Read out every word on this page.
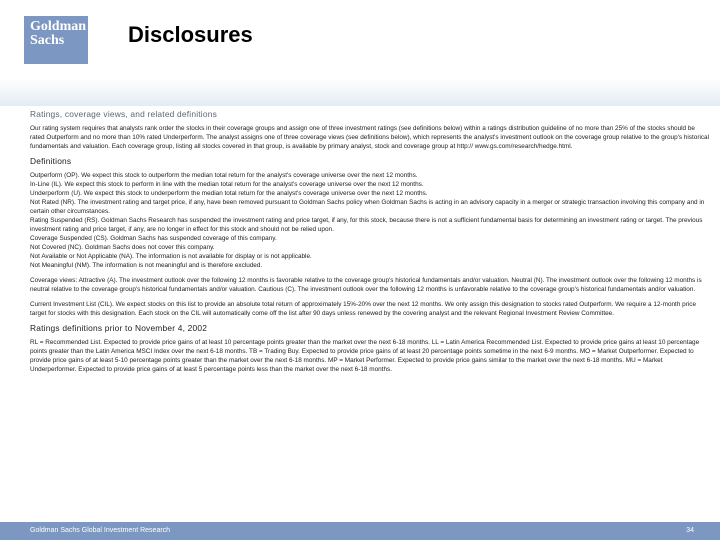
Goldman
Sachs	Disclosures
Ratings, coverage views, and related definitions

Our rating system requires that analysts rank order the stocks in their coverage groups and assign one of three investment ratings (see definitions below) within a ratings distribution guideline of no more than 25% of the stocks should be rated Outperform and no more than 10% rated Underperform. The analyst assigns one of three coverage views (see definitions below), which represents the analyst's investment outlook on the coverage group relative to the group's historical fundamentals and valuation. Each coverage group, listing all stocks covered in that group, is available by primary analyst, stock and coverage group at http:// www.gs.com/research/hedge.html.

Definitions
Outperform (OP). We expect this stock to outperform the median total return for the analyst's coverage universe over the next 12 months.
In-Line (IL). We expect this stock to perform in line with the median total return for the analyst's coverage universe over the next 12 months.
Underperform (U). We expect this stock to underperform the median total return for the analyst's coverage universe over the next 12 months.
Not Rated (NR). The investment rating and target price, if any, have been removed pursuant to Goldman Sachs policy when Goldman Sachs is acting in an advisory capacity in a merger or strategic transaction involving this company and in certain other circumstances.
Rating Suspended (RS). Goldman Sachs Research has suspended the investment rating and price target, if any, for this stock, because there is not a sufficient fundamental basis for determining an investment rating or target. The previous investment rating and price target, if any, are no longer in effect for this stock and should not be relied upon.
Coverage Suspended (CS). Goldman Sachs has suspended coverage of this company.
Not Covered (NC). Goldman Sachs does not cover this company.
Not Available or Not Applicable (NA). The information is not available for display or is not applicable.
Not Meaningful (NM). The information is not meaningful and is therefore excluded.

Coverage views: Attractive (A). The investment outlook over the following 12 months is favorable relative to the coverage group's historical fundamentals and/or valuation. Neutral (N). The investment outlook over the following 12 months is neutral relative to the coverage group's historical fundamentals and/or valuation. Cautious (C). The investment outlook over the following 12 months is unfavorable relative to the coverage group's historical fundamentals and/or valuation.

Current Investment List (CIL). We expect stocks on this list to provide an absolute total return of approximately 15%-20% over the next 12 months. We only assign this designation to stocks rated Outperform. We require a 12-month price target for stocks with this designation. Each stock on the CIL will automatically come off the list after 90 days unless renewed by the covering analyst and the relevant Regional Investment Review Committee.

Ratings definitions prior to November 4, 2002

RL = Recommended List. Expected to provide price gains of at least 10 percentage points greater than the market over the next 6-18 months. LL = Latin America Recommended List. Expected to provide price gains at least 10 percentage points greater than the Latin America MSCI Index over the next 6-18 months. TB = Trading Buy. Expected to provide price gains of at least 20 percentage points sometime in the next 6-9 months. MO = Market Outperformer. Expected to provide price gains of at least 5-10 percentage points greater than the market over the next 6-18 months. MP = Market Performer. Expected to provide price gains similar to the market over the next 6-18 months. MU = Market Underperformer. Expected to provide price gains of at least 5 percentage points less than the market over the next 6-18 months.

Goldman Sachs Global Investment Research	34
